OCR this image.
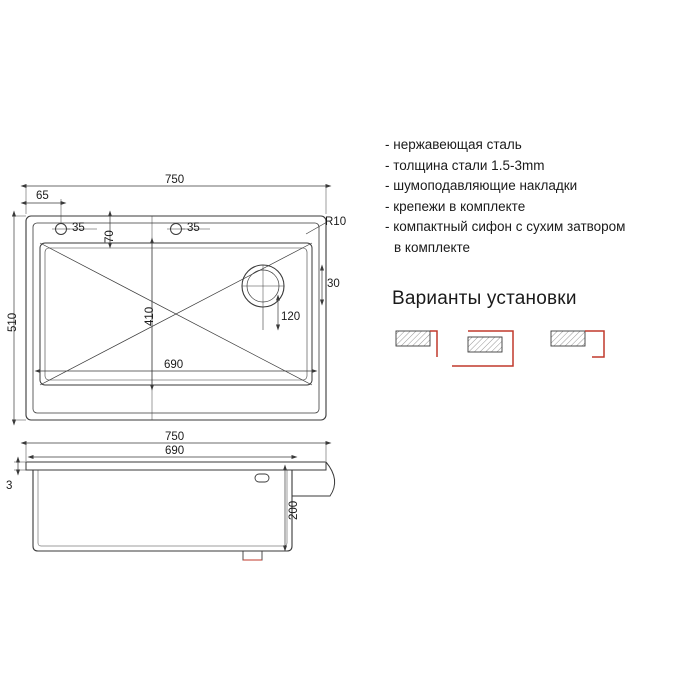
- нержавеющая сталь
- толщина стали 1.5-3mm
- шумоподавляющие накладки
- крепежи в комплекте
- компактный сифон с сухим затвором
в комплекте
Варианты установки
750
65
35	35
70
R10
510	410
690
30
120
750
690
3
200
